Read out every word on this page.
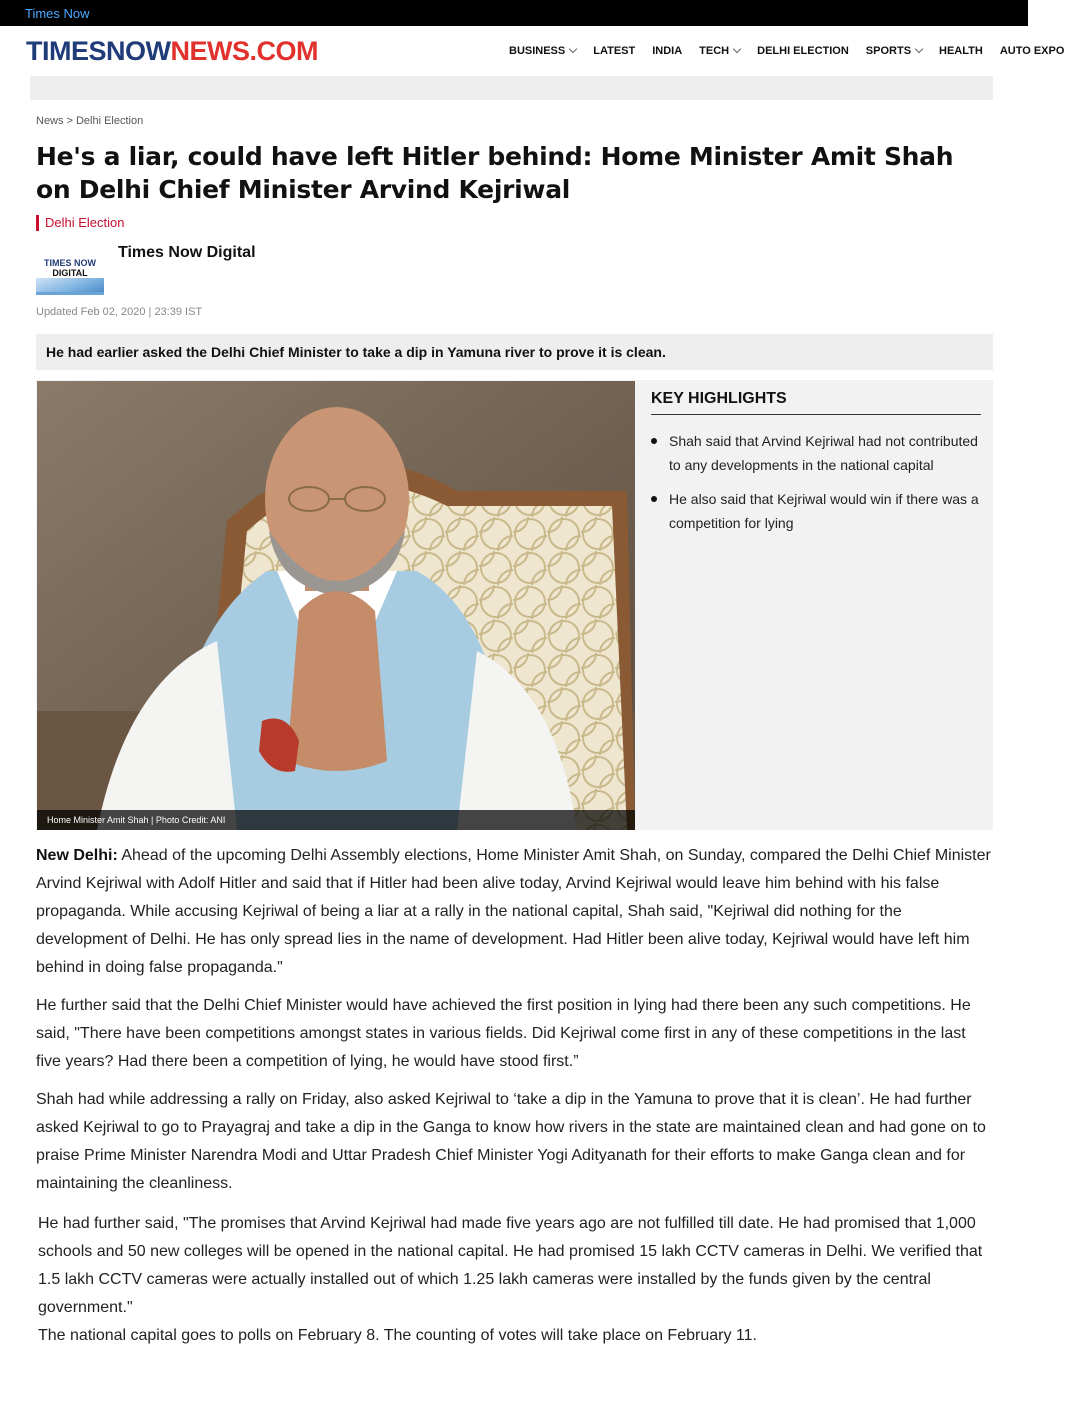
Times Now
TIMESNOWNEWS.COM	BUSINESS	LATEST INDIA TECH	DELHI ELECTION SPORTS	HEALTH AUTO EXPO
News > Delhi Election
He's a liar, could have left Hitler behind: Home Minister Amit Shah on Delhi Chief Minister Arvind Kejriwal
Delhi Election
TIMES NOW
DIGITAL
Times Now Digital
Updated Feb 02, 2020 | 23:39 IST
He had earlier asked the Delhi Chief Minister to take a dip in Yamuna river to prove it is clean.
Home Minister Amit Shah | Photo Credit: ANI
KEY HIGHLIGHTS
Shah said that Arvind Kejriwal had not contributed to any developments in the national capital
He also said that Kejriwal would win if there was a competition for lying

New Delhi: Ahead of the upcoming Delhi Assembly elections, Home Minister Amit Shah, on Sunday, compared the Delhi Chief Minister Arvind Kejriwal with Adolf Hitler and said that if Hitler had been alive today, Arvind Kejriwal would leave him behind with his false propaganda. While accusing Kejriwal of being a liar at a rally in the national capital, Shah said, "Kejriwal did nothing for the development of Delhi. He has only spread lies in the name of development. Had Hitler been alive today, Kejriwal would have left him behind in doing false propaganda."

He further said that the Delhi Chief Minister would have achieved the first position in lying had there been any such competitions. He said, "There have been competitions amongst states in various fields. Did Kejriwal come first in any of these competitions in the last five years? Had there been a competition of lying, he would have stood first.”

Shah had while addressing a rally on Friday, also asked Kejriwal to ‘take a dip in the Yamuna to prove that it is clean’. He had further asked Kejriwal to go to Prayagraj and take a dip in the Ganga to know how rivers in the state are maintained clean and had gone on to praise Prime Minister Narendra Modi and Uttar Pradesh Chief Minister Yogi Adityanath for their efforts to make Ganga clean and for maintaining the cleanliness.

He had further said, "The promises that Arvind Kejriwal had made five years ago are not fulfilled till date. He had promised that 1,000 schools and 50 new colleges will be opened in the national capital. He had promised 15 lakh CCTV cameras in Delhi. We verified that 1.5 lakh CCTV cameras were actually installed out of which 1.25 lakh cameras were installed by the funds given by the central government."
The national capital goes to polls on February 8. The counting of votes will take place on February 11.
